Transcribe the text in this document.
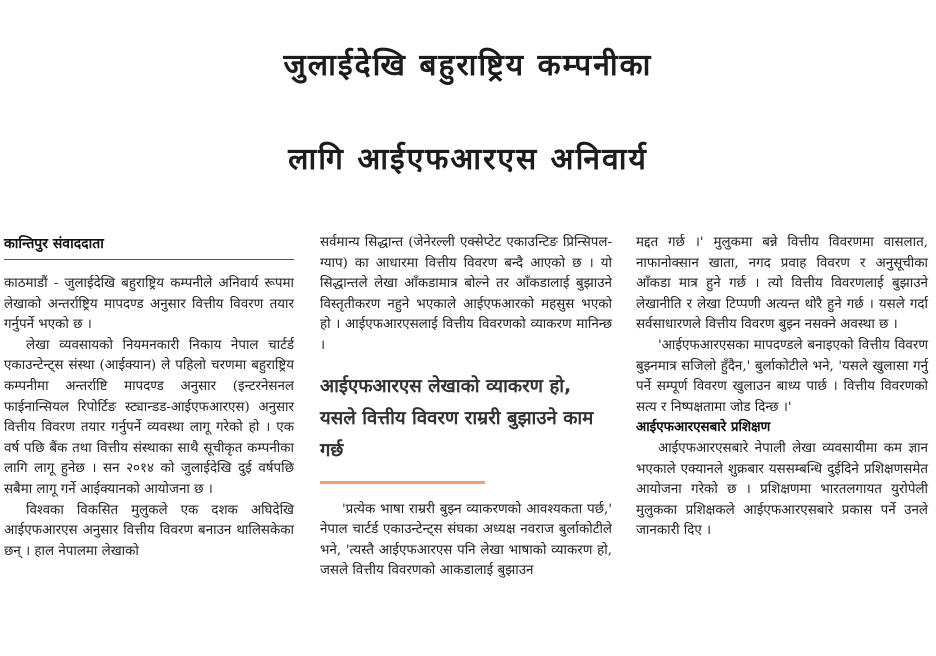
जुलाईदेखि बहुराष्ट्रिय कम्पनीका
लागि आईएफआरएस अनिवार्य
कान्तिपुर संवाददाता

काठमाडौं - जुलाईदेखि बहुराष्ट्रिय कम्पनीले अनिवार्य रूपमा लेखाको अन्तर्राष्ट्रिय मापदण्ड अनुसार वित्तीय विवरण तयार गर्नुपर्ने भएको छ ।

लेखा व्यवसायको नियमनकारी निकाय नेपाल चार्टर्ड एकाउन्टेन्ट्स संस्था (आईक्यान) ले पहिलो चरणमा बहुराष्ट्रिय कम्पनीमा अन्तर्राष्टि मापदण्ड अनुसार (इन्टरनेसनल फाईनान्सियल रिपोर्टिङ स्ट्यान्डड-आईएफआरएस) अनुसार वित्तीय विवरण तयार गर्नुपर्ने व्यवस्था लागू गरेको हो । एक वर्ष पछि बैंक तथा वित्तीय संस्थाका साथै सूचीकृत कम्पनीका लागि लागू हुनेछ । सन २०१४ को जुलाईदेखि दुई वर्षपछि सबैमा लागू गर्ने आईक्यानको आयोजना छ ।

विश्वका विकसित मुलुकले एक दशक अघिदेखि आईएफआरएस अनुसार वित्तीय विवरण बनाउन थालिसकेका छन् । हाल नेपालमा लेखाको

सर्वमान्य सिद्धान्त (जेनेरल्ली एक्सेप्टेट एकाउन्टिङ प्रिन्सिपल-ग्याप) का आधारमा वित्तीय विवरण बन्दै आएको छ । यो सिद्धान्तले लेखा आँकडामात्र बोल्ने तर आँकडालाई बुझाउने विस्तृतीकरण नहुने भएकाले आईएफआरको महसुस भएको हो । आईएफआरएसलाई वित्तीय विवरणको व्याकरण मानिन्छ ।

आईएफआरएस लेखाको व्याकरण हो, यसले वित्तीय विवरण राम्ररी बुझाउने काम गर्छ

'प्रत्येक भाषा राम्ररी बुझ्न व्याकरणको आवश्यकता पर्छ,' नेपाल चार्टर्ड एकाउन्टेन्ट्स संघका अध्यक्ष नवराज बुर्लाकोटीले भने, 'त्यस्तै आईएफआरएस पनि लेखा भाषाको व्याकरण हो, जसले वित्तीय विवरणको आकडालाई बुझाउन

मद्दत गर्छ ।' मुलुकमा बन्ने वित्तीय विवरणमा वासलात, नाफानोक्सान खाता, नगद प्रवाह विवरण र अनुसूचीका आँकडा मात्र हुने गर्छ । त्यो वित्तीय विवरणलाई बुझाउने लेखानीति र लेखा टिप्पणी अत्यन्त थोरै हुने गर्छ । यसले गर्दा सर्वसाधारणले वित्तीय विवरण बुझ्न नसक्ने अवस्था छ ।

'आईएफआरएसका मापदण्डले बनाइएको वित्तीय विवरण बुझ्नमात्र सजिलो हुँदैन,' बुर्लाकोटीले भने, 'यसले खुलासा गर्नु पर्ने सम्पूर्ण विवरण खुलाउन बाध्य पार्छ । वित्तीय विवरणको सत्य र निष्पक्षतामा जोड दिन्छ ।'

आईएफआरएसबारे प्रशिक्षण

आईएफआरएसबारे नेपाली लेखा व्यवसायीमा कम ज्ञान भएकाले एक्यानले शुक्रबार यससम्बन्धि दुईदिने प्रशिक्षणसमेत आयोजना गरेको छ । प्रशिक्षणमा भारतलगायत युरोपेली मुलुकका प्रशिक्षकले आईएफआरएसबारे प्रकास पर्ने उनले जानकारी दिए ।
